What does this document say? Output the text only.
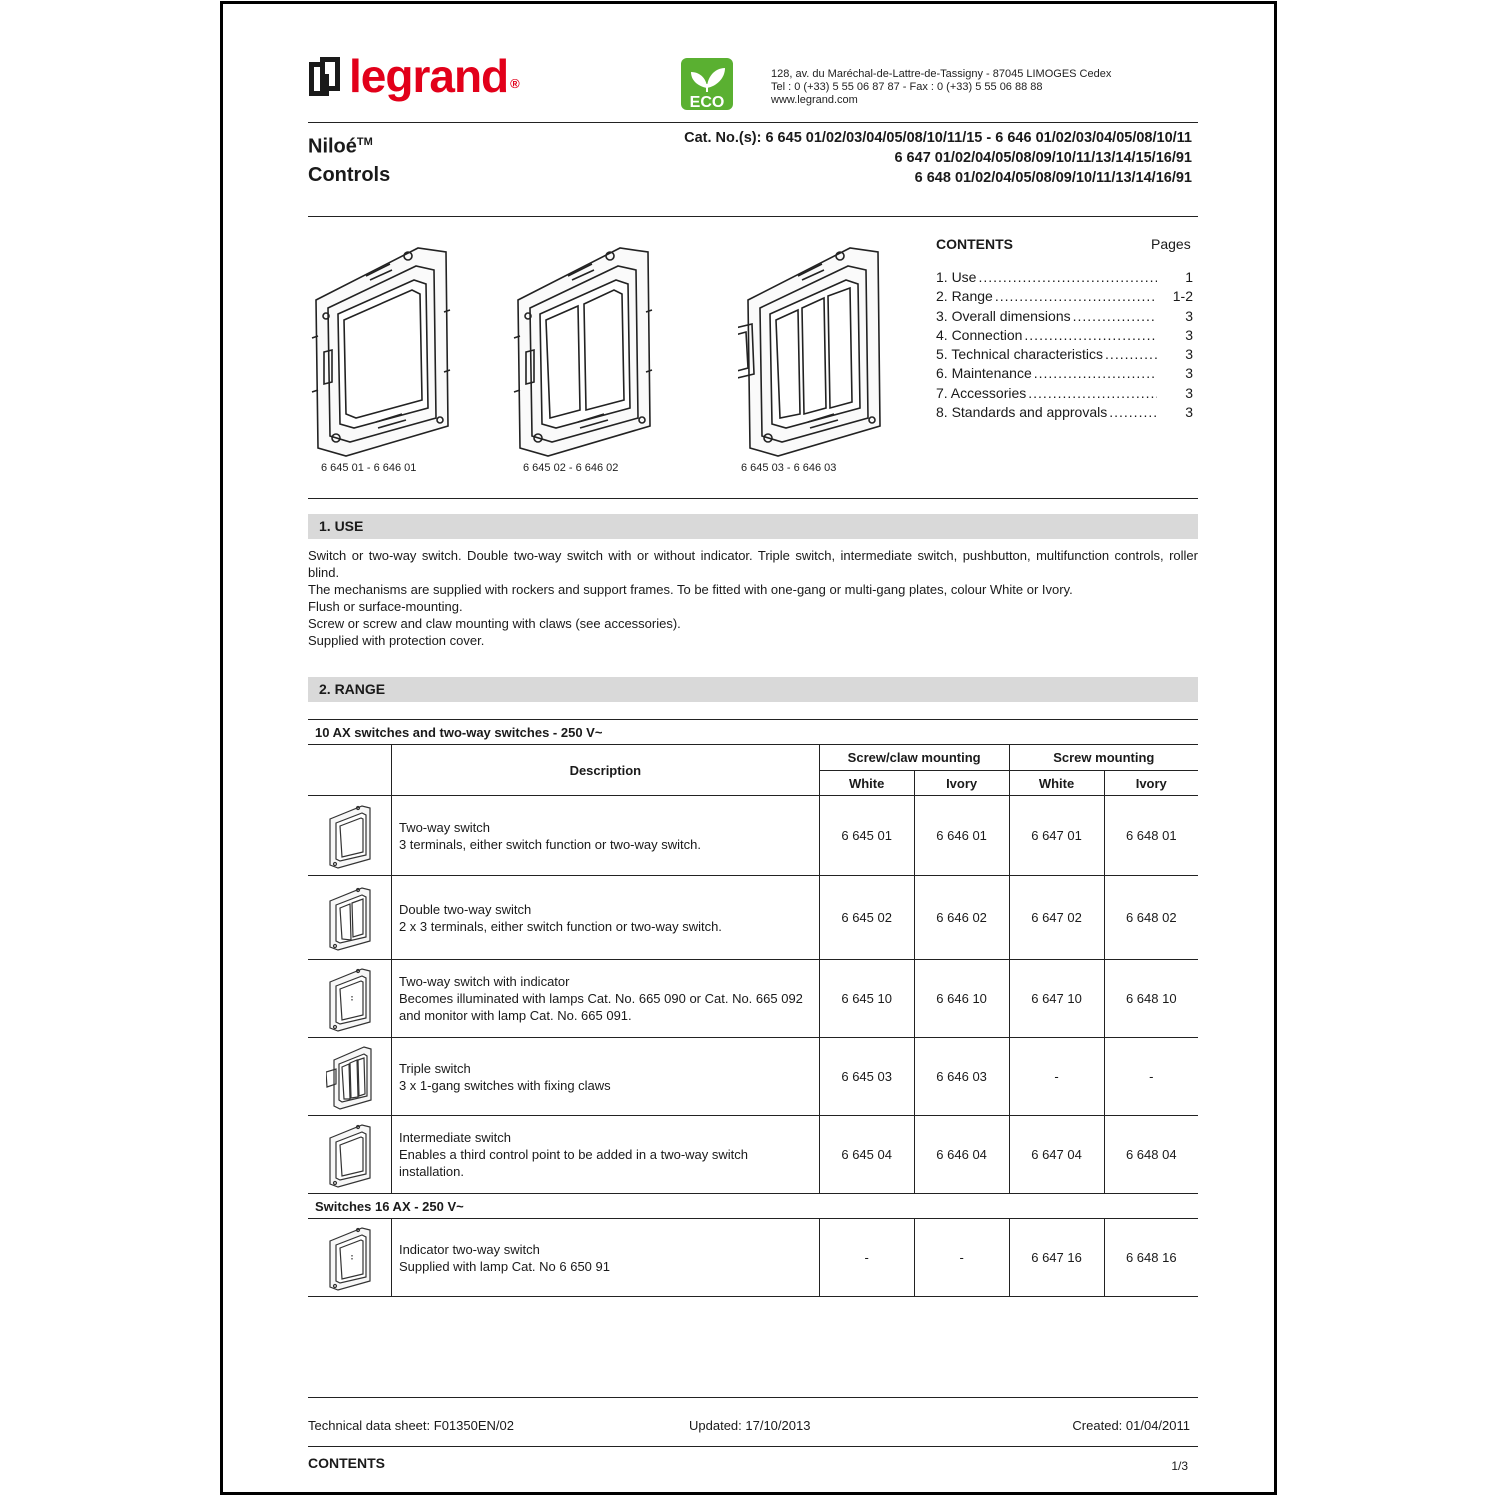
legrand ®
ECO
128, av. du Maréchal-de-Lattre-de-Tassigny - 87045 LIMOGES Cedex
Tel : 0 (+33) 5 55 06 87 87 - Fax : 0 (+33) 5 55 06 88 88
www.legrand.com
Niloé™
Controls
Cat. No.(s): 6 645 01/02/03/04/05/08/10/11/15 - 6 646 01/02/03/04/05/08/10/11
6 647 01/02/04/05/08/09/10/11/13/14/15/16/91
6 648 01/02/04/05/08/09/10/11/13/14/16/91
6 645 01 - 6 646 01	6 645 02 - 6 646 02	6 645 03 - 6 646 03
CONTENTS	Pages
1. Use .....	1
2. Range .....	1-2
3. Overall dimensions .....	3
4. Connection .....	3
5. Technical characteristics .....	3
6. Maintenance .....	3
7. Accessories .....	3
8. Standards and approvals .....	3
1. USE
Switch or two-way switch. Double two-way switch with or without indicator. Triple switch, intermediate switch, pushbutton, multifunction controls, roller blind.
The mechanisms are supplied with rockers and support frames. To be fitted with one-gang or multi-gang plates, colour White or Ivory.
Flush or surface-mounting.
Screw or screw and claw mounting with claws (see accessories).
Supplied with protection cover.
2. RANGE
10 AX switches and two-way switches - 250 V~					
	Description	Screw/claw mounting		Screw mounting	
		White	Ivory	White	Ivory

Two-way switch
3 terminals, either switch function or two-way switch.	6 645 01	6 646 01	6 647 01	6 648 01

Double two-way switch
2 x 3 terminals, either switch function or two-way switch.	6 645 02	6 646 02	6 647 02	6 648 02

Two-way switch with indicator
Becomes illuminated with lamps Cat. No. 665 090 or Cat. No. 665 092 and monitor with lamp Cat. No. 665 091.	6 645 10	6 646 10	6 647 10	6 648 10

Triple switch
3 x 1-gang switches with fixing claws	6 645 03	6 646 03	-	-

Intermediate switch
Enables a third control point to be added in a two-way switch installation.	6 645 04	6 646 04	6 647 04	6 648 04
Switches 16 AX - 250 V~					

Indicator two-way switch
Supplied with lamp Cat. No 6 650 91	-	-	6 647 16	6 648 16
Technical data sheet: F01350EN/02	Updated: 17/10/2013	Created: 01/04/2011
CONTENTS	1/3
